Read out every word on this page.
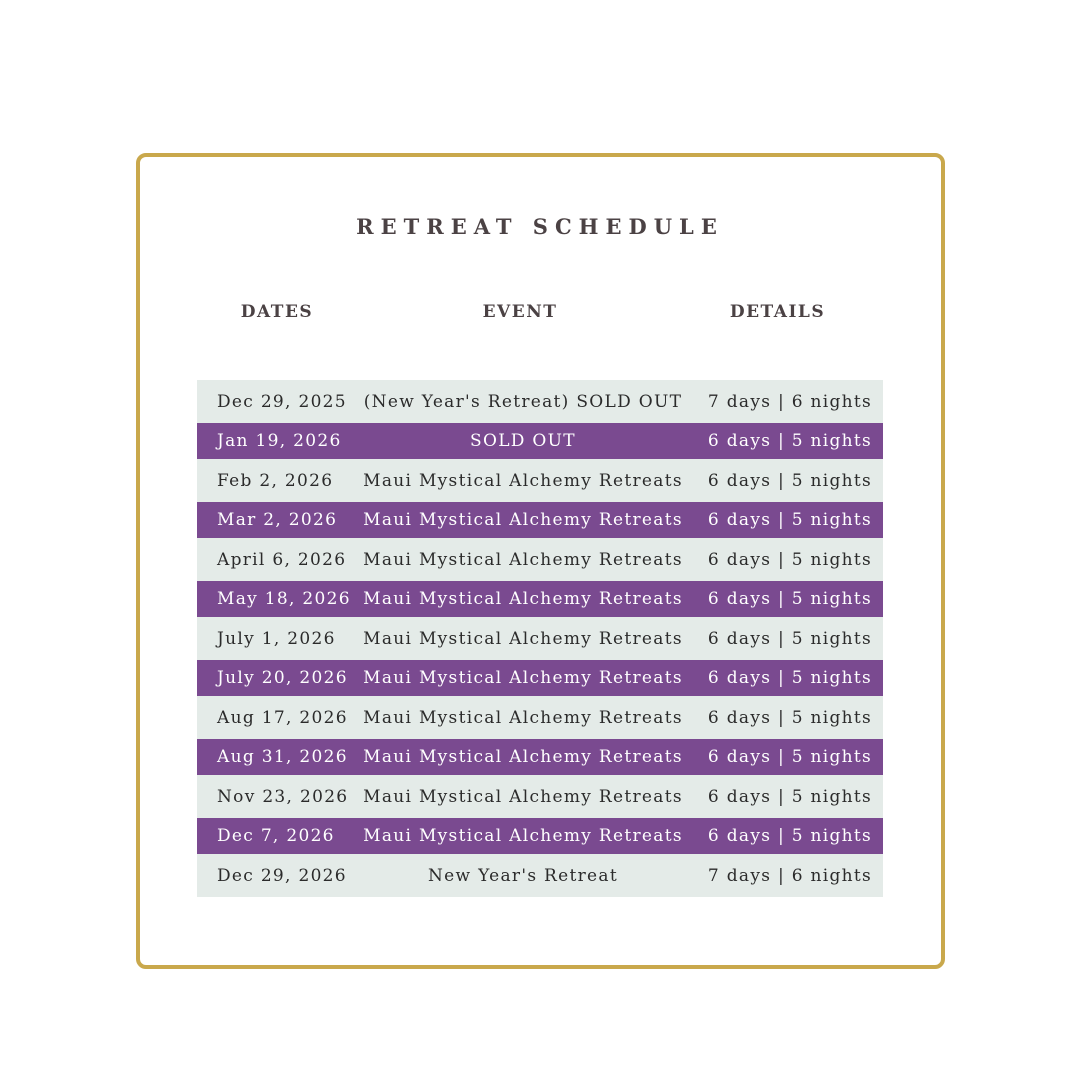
RETREAT SCHEDULE
DATES	EVENT	DETAILS
Dec 29, 2025 (New Year's Retreat) SOLD OUT	7 days | 6 nights
Jan 19, 2026	SOLD OUT	6 days | 5 nights
Feb 2, 2026	Maui Mystical Alchemy Retreats	6 days | 5 nights
Mar 2, 2026	Maui Mystical Alchemy Retreats	6 days | 5 nights
April 6, 2026 Maui Mystical Alchemy Retreats	6 days | 5 nights
May 18, 2026 Maui Mystical Alchemy Retreats	6 days | 5 nights
July 1, 2026	Maui Mystical Alchemy Retreats	6 days | 5 nights
July 20, 2026 Maui Mystical Alchemy Retreats	6 days | 5 nights
Aug 17, 2026 Maui Mystical Alchemy Retreats	6 days | 5 nights
Aug 31, 2026 Maui Mystical Alchemy Retreats	6 days | 5 nights
Nov 23, 2026 Maui Mystical Alchemy Retreats	6 days | 5 nights
Dec 7, 2026	Maui Mystical Alchemy Retreats	6 days | 5 nights
Dec 29, 2026	New Year's Retreat	7 days | 6 nights
